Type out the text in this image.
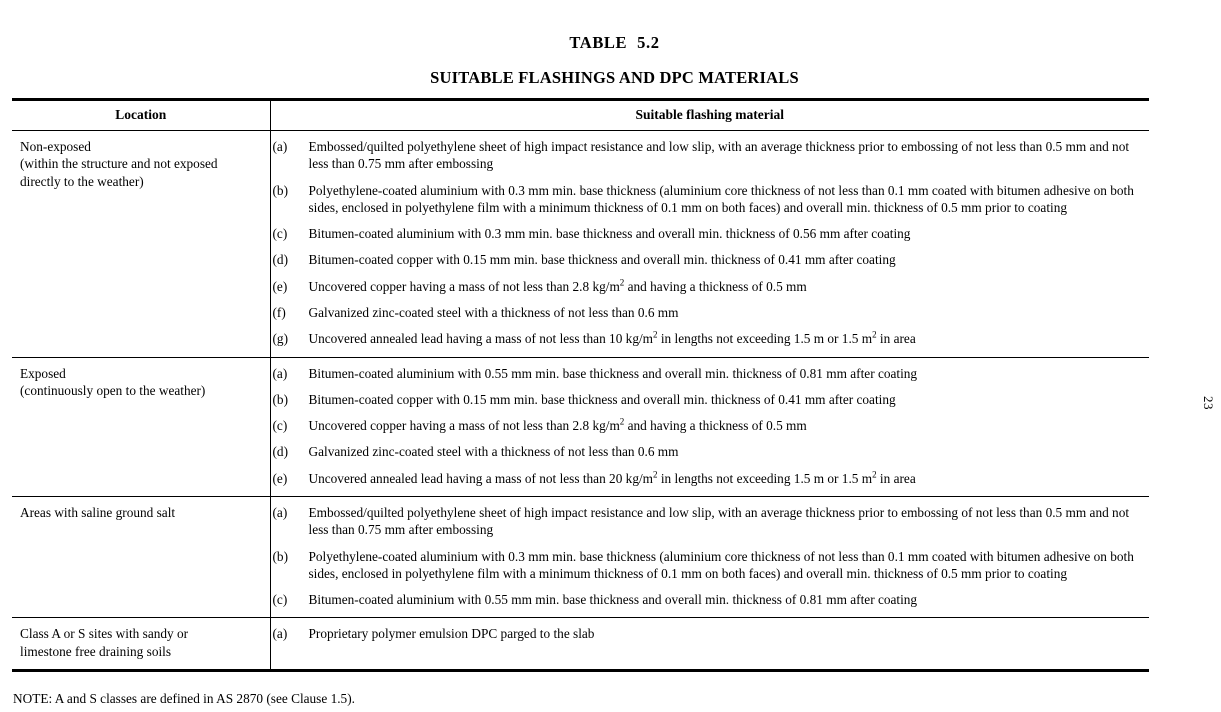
TABLE 5.2
SUITABLE FLASHINGS AND DPC MATERIALS
Location	Suitable flashing material

Non-exposed
(within the structure and not exposed
directly to the weather)

(a)	Embossed/quilted polyethylene sheet of high impact resistance and low slip, with an average thickness prior to embossing of not less than 0.5 mm and not less than 0.75 mm after embossing
(b)	Polyethylene-coated aluminium with 0.3 mm min. base thickness (aluminium core thickness of not less than 0.1 mm coated with bitumen adhesive on both sides, enclosed in polyethylene film with a minimum thickness of 0.1 mm on both faces) and overall min. thickness of 0.5 mm prior to coating
(c)	Bitumen-coated aluminium with 0.3 mm min. base thickness and overall min. thickness of 0.56 mm after coating
(d)	Bitumen-coated copper with 0.15 mm min. base thickness and overall min. thickness of 0.41 mm after coating
(e)	Uncovered copper having a mass of not less than 2.8 $kg/m^2$ and having a thickness of 0.5 mm
(f)	Galvanized zinc-coated steel with a thickness of not less than 0.6 mm
(g)	Uncovered annealed lead having a mass of not less than 10 $kg/m^2$ in lengths not exceeding 1.5 m or 1.5 $m^2$ in area

Exposed
(continuously open to the weather)

(a)	Bitumen-coated aluminium with 0.55 mm min. base thickness and overall min. thickness of 0.81 mm after coating
(b)	Bitumen-coated copper with 0.15 mm min. base thickness and overall min. thickness of 0.41 mm after coating
(c)	Uncovered copper having a mass of not less than 2.8 $kg/m^2$ and having a thickness of 0.5 mm
(d)	Galvanized zinc-coated steel with a thickness of not less than 0.6 mm
(e)	Uncovered annealed lead having a mass of not less than 20 $kg/m^2$ in lengths not exceeding 1.5 m or 1.5 $m^2$ in area

Areas with saline ground salt	(a)	Embossed/quilted polyethylene sheet of high impact resistance and low slip, with an average thickness prior to embossing of not less than 0.5 mm and not less than 0.75 mm after embossing
(b)	Polyethylene-coated aluminium with 0.3 mm min. base thickness (aluminium core thickness of not less than 0.1 mm coated with bitumen adhesive on both sides, enclosed in polyethylene film with a minimum thickness of 0.1 mm on both faces) and overall min. thickness of 0.5 mm prior to coating
(c)	Bitumen-coated aluminium with 0.55 mm min. base thickness and overall min. thickness of 0.81 mm after coating

Class A or S sites with sandy or
limestone free draining soils	(a) Proprietary polymer emulsion DPC parged to the slab
NOTE: A and S classes are defined in AS 2870 (see Clause 1.5).
23
